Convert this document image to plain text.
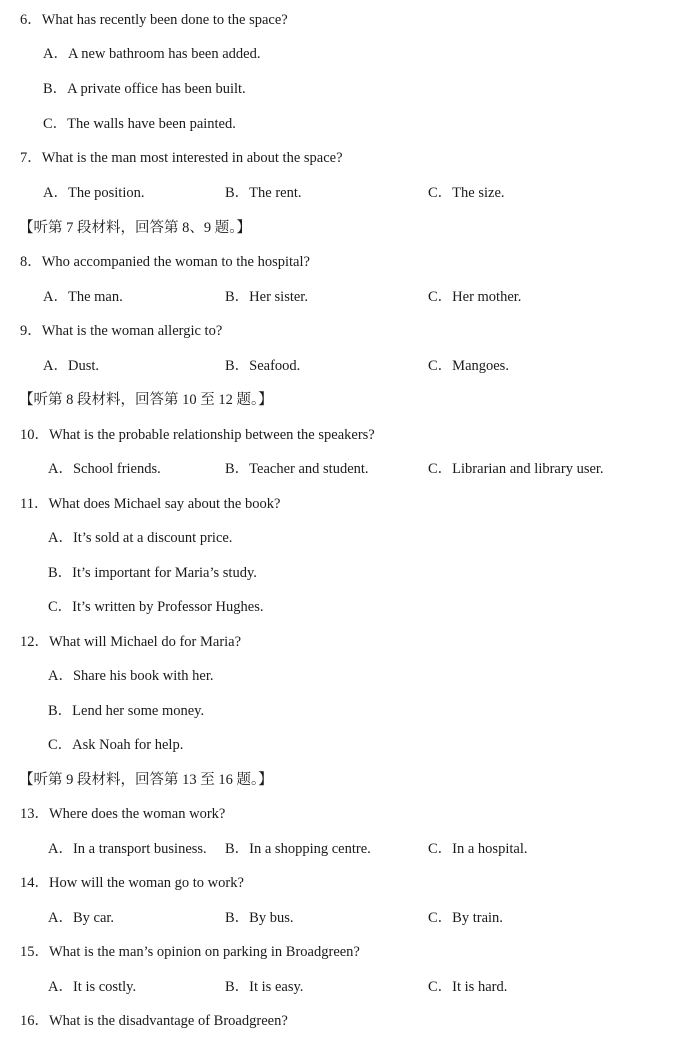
6．What has recently been done to the space?
A．A new bathroom has been added.
B．A private office has been built.
C．The walls have been painted.
7．What is the man most interested in about the space?
A．The position.	B．The rent.	C．The size.
【听第 7 段材料，回答第 8、9 题。】
8．Who accompanied the woman to the hospital?
A．The man.	B．Her sister.	C．Her mother.
9．What is the woman allergic to?
A．Dust.	B．Seafood.	C．Mangoes.
【听第 8 段材料，回答第 10 至 12 题。】
10．What is the probable relationship between the speakers?
A．School friends.	B．Teacher and student.	C．Librarian and library user.
11．What does Michael say about the book?
A．It’s sold at a discount price.
B．It’s important for Maria’s study.
C．It’s written by Professor Hughes.
12．What will Michael do for Maria?
A．Share his book with her.
B．Lend her some money.
C．Ask Noah for help.
【听第 9 段材料，回答第 13 至 16 题。】
13．Where does the woman work?
A．In a transport business. B．In a shopping centre.	C．In a hospital.
14．How will the woman go to work?
A．By car.	B．By bus.	C．By train.
15．What is the man’s opinion on parking in Broadgreen?
A．It is costly.	B．It is easy.	C．It is hard.
16．What is the disadvantage of Broadgreen?
